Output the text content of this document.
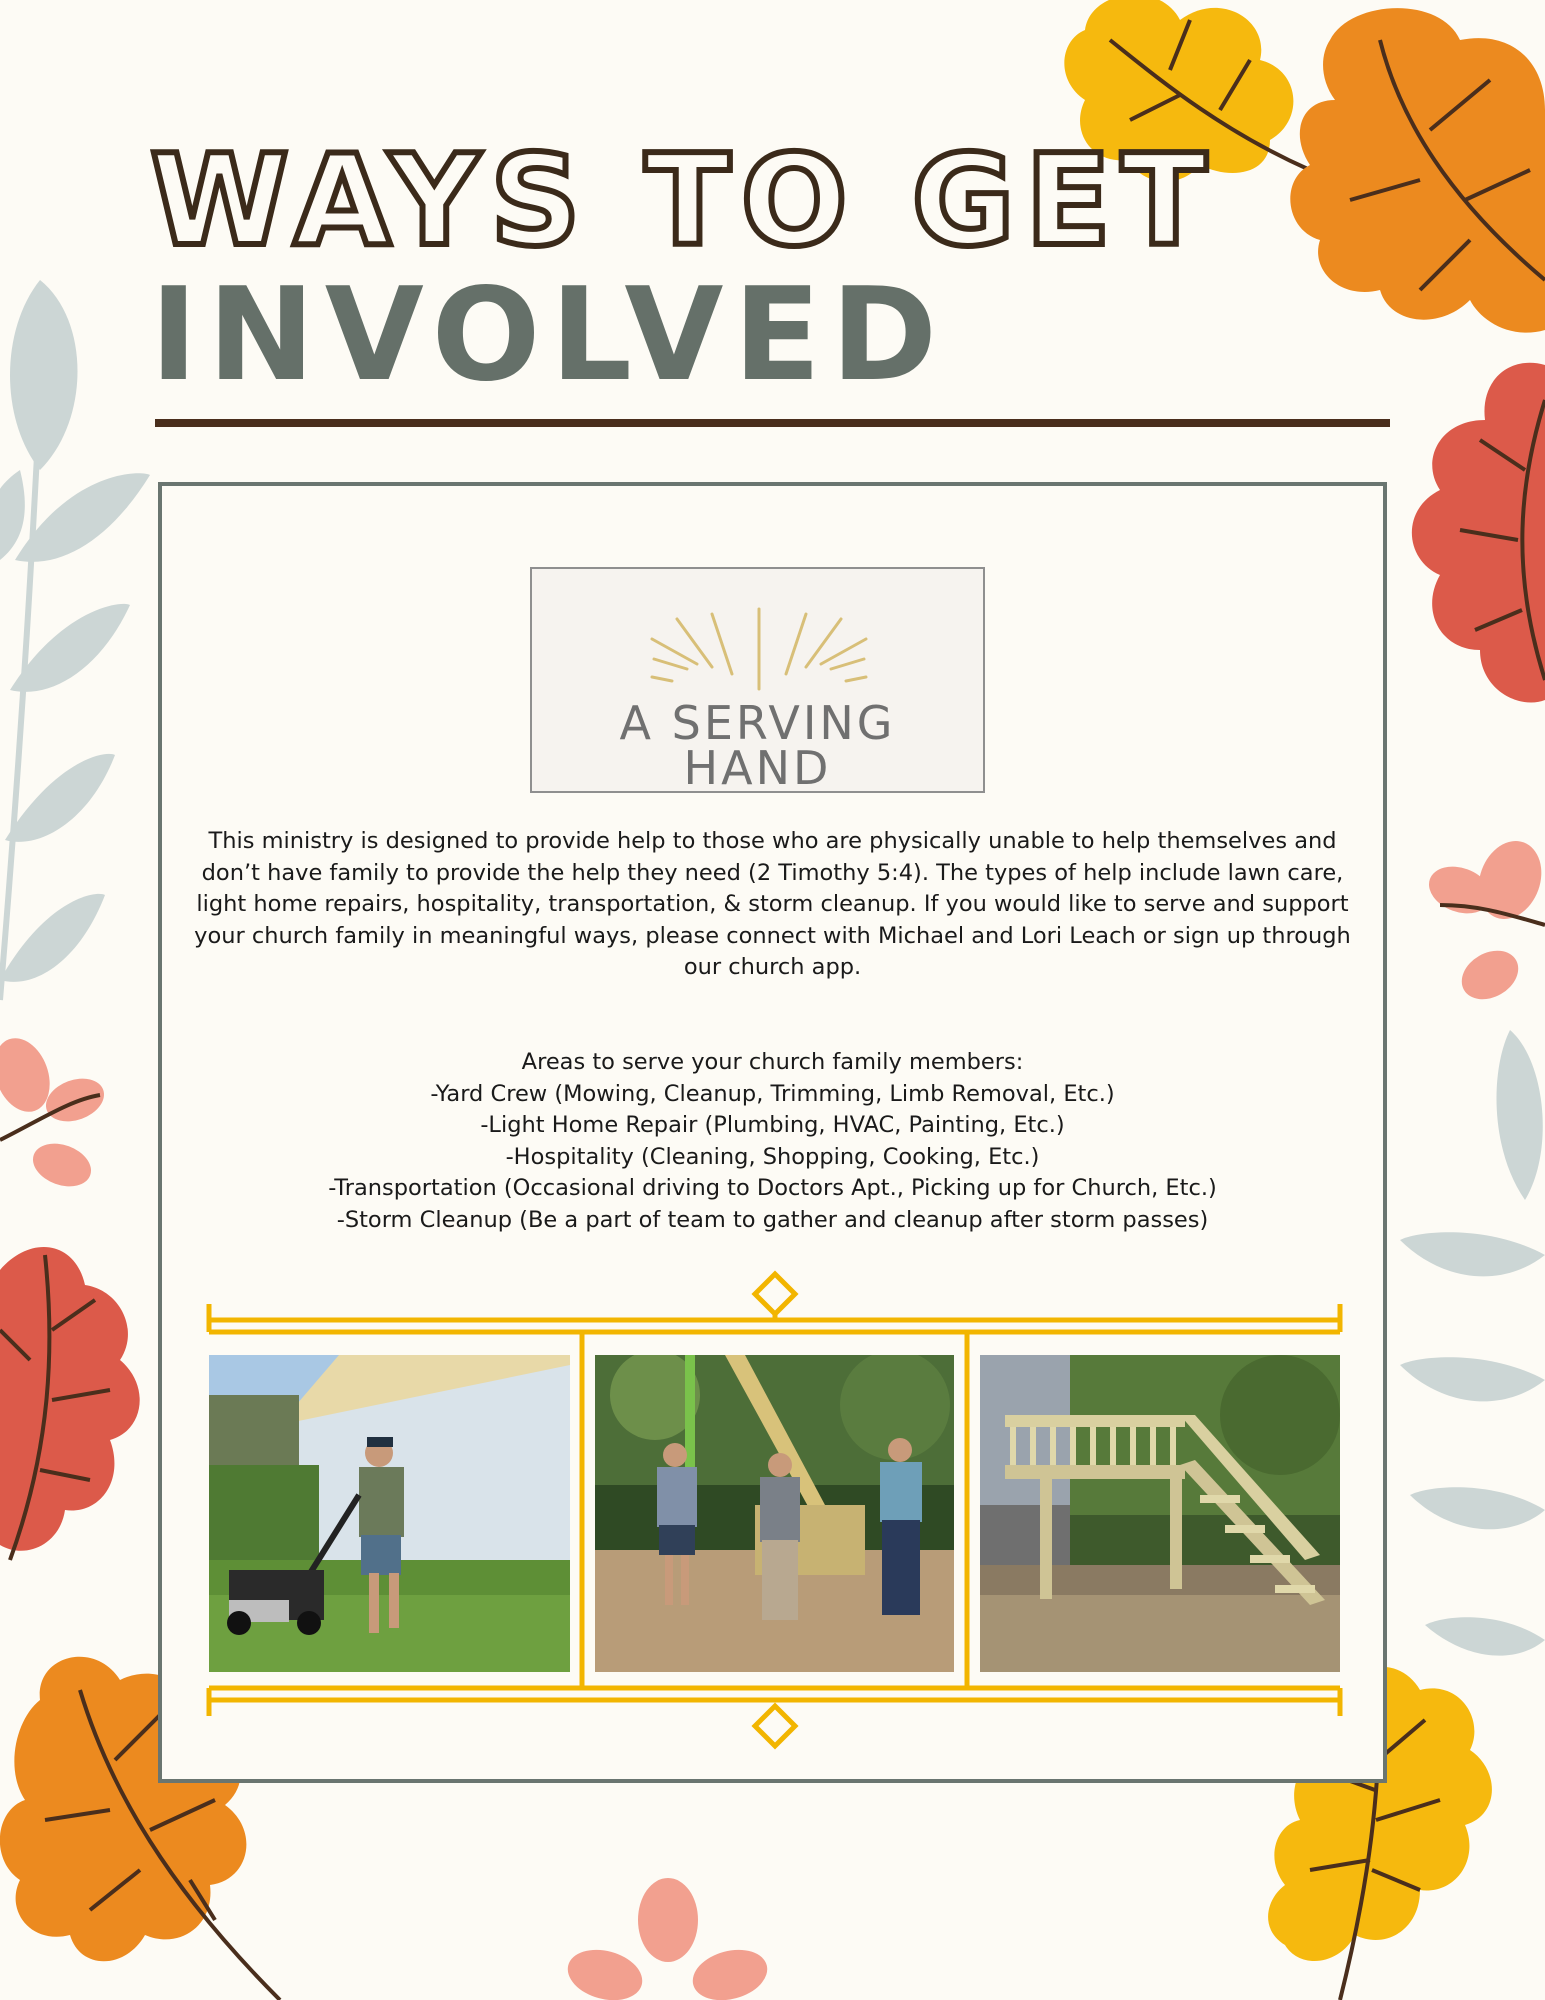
WAYS TO GET
INVOLVED
A SERVING
HAND

This ministry is designed to provide help to those who are physically unable to help themselves and don’t have family to provide the help they need (2 Timothy 5:4). The types of help include lawn care, light home repairs, hospitality, transportation, & storm cleanup. If you would like to serve and support your church family in meaningful ways, please connect with Michael and Lori Leach or sign up through our church app.

Areas to serve your church family members:
-Yard Crew (Mowing, Cleanup, Trimming, Limb Removal, Etc.)
-Light Home Repair (Plumbing, HVAC, Painting, Etc.)
-Hospitality (Cleaning, Shopping, Cooking, Etc.)
-Transportation (Occasional driving to Doctors Apt., Picking up for Church, Etc.)
-Storm Cleanup (Be a part of team to gather and cleanup after storm passes)
